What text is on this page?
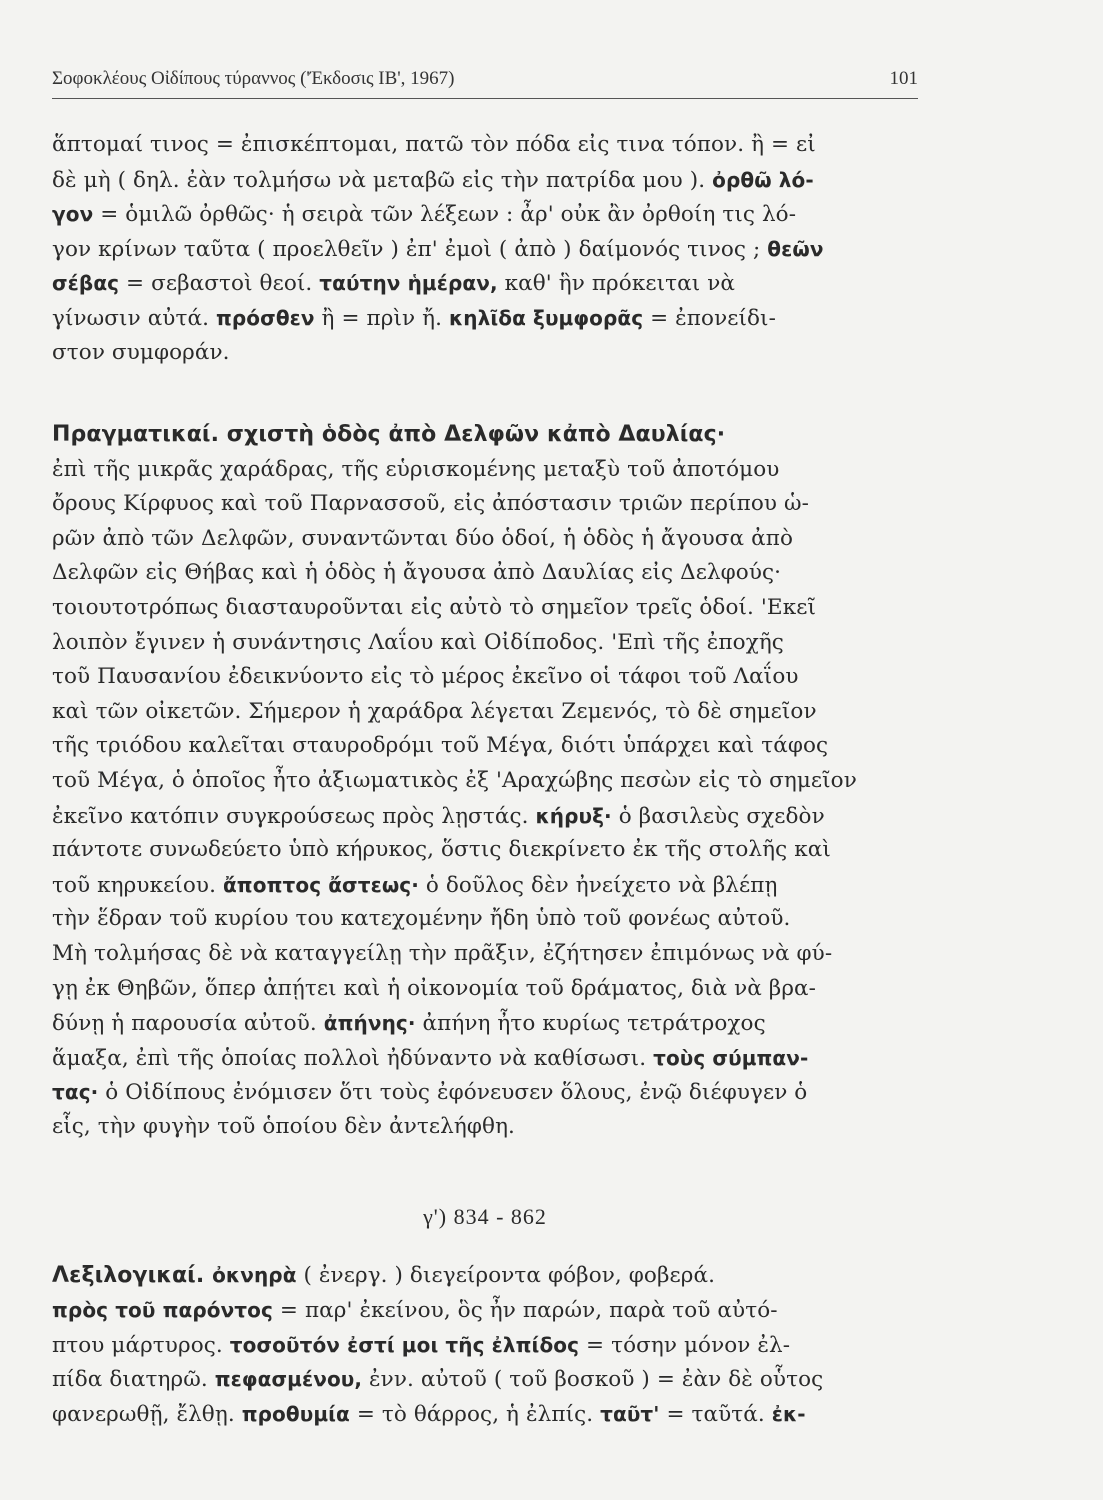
Σοφοκλέους Οἰδίπους τύραννος ('Έκδοσις ΙΒ', 1967)	101
ἅπτομαί τινος = ἐπισκέπτομαι, πατῶ τὸν πόδα εἰς τινα τόπον. ἢ = εἰ
δὲ μὴ ( δηλ. ἐὰν τολμήσω νὰ μεταβῶ εἰς τὴν πατρίδα μου ). ὀρθῶ λό-
γον = ὁμιλῶ ὀρθῶς· ἡ σειρὰ τῶν λέξεων : ἆρ' οὐκ ἂν ὀρθοίη τις λό-
γον κρίνων ταῦτα ( προελθεῖν ) ἐπ' ἐμοὶ ( ἀπὸ ) δαίμονός τινος ; θεῶν
σέβας = σεβαστοὶ θεοί. ταύτην ἡμέραν, καθ' ἣν πρόκειται νὰ
γίνωσιν αὐτά. πρόσθεν ἢ = πρὶν ἤ. κηλῖδα ξυμφορᾶς = ἐπονείδι-
στον συμφοράν.
Πραγματικαί. σχιστὴ ὁδὸς ἀπὸ Δελφῶν κἀπὸ Δαυλίας·
ἐπὶ τῆς μικρᾶς χαράδρας, τῆς εὑρισκομένης μεταξὺ τοῦ ἀποτόμου
ὄρους Κίρφυος καὶ τοῦ Παρνασσοῦ, εἰς ἀπόστασιν τριῶν περίπου ὡ-
ρῶν ἀπὸ τῶν Δελφῶν, συναντῶνται δύο ὁδοί, ἡ ὁδὸς ἡ ἄγουσα ἀπὸ
Δελφῶν εἰς Θήβας καὶ ἡ ὁδὸς ἡ ἄγουσα ἀπὸ Δαυλίας εἰς Δελφούς·
τοιουτοτρόπως διασταυροῦνται εἰς αὐτὸ τὸ σημεῖον τρεῖς ὁδοί. 'Εκεῖ
λοιπὸν ἔγινεν ἡ συνάντησις Λαΐου καὶ Οἰδίποδος. 'Επὶ τῆς ἐποχῆς
τοῦ Παυσανίου ἐδεικνύοντο εἰς τὸ μέρος ἐκεῖνο οἱ τάφοι τοῦ Λαΐου
καὶ τῶν οἰκετῶν. Σήμερον ἡ χαράδρα λέγεται Ζεμενός, τὸ δὲ σημεῖον
τῆς τριόδου καλεῖται σταυροδρόμι τοῦ Μέγα, διότι ὑπάρχει καὶ τάφος
τοῦ Μέγα, ὁ ὁποῖος ἦτο ἀξιωματικὸς ἐξ 'Αραχώβης πεσὼν εἰς τὸ σημεῖον
ἐκεῖνο κατόπιν συγκρούσεως πρὸς λῃστάς. κήρυξ· ὁ βασιλεὺς σχεδὸν
πάντοτε συνωδεύετο ὑπὸ κήρυκος, ὅστις διεκρίνετο ἐκ τῆς στολῆς καὶ
τοῦ κηρυκείου. ἄποπτος ἄστεως· ὁ δοῦλος δὲν ἠνείχετο νὰ βλέπῃ
τὴν ἕδραν τοῦ κυρίου του κατεχομένην ἤδη ὑπὸ τοῦ φονέως αὐτοῦ.
Μὴ τολμήσας δὲ νὰ καταγγείλῃ τὴν πρᾶξιν, ἐζήτησεν ἐπιμόνως νὰ φύ-
γῃ ἐκ Θηβῶν, ὅπερ ἀπῄτει καὶ ἡ οἰκονομία τοῦ δράματος, διὰ νὰ βρα-
δύνῃ ἡ παρουσία αὐτοῦ. ἀπήνης· ἀπήνη ἦτο κυρίως τετράτροχος
ἅμαξα, ἐπὶ τῆς ὁποίας πολλοὶ ἠδύναντο νὰ καθίσωσι. τοὺς σύμπαν-
τας· ὁ Οἰδίπους ἐνόμισεν ὅτι τοὺς ἐφόνευσεν ὅλους, ἐνῷ διέφυγεν ὁ
εἷς, τὴν φυγὴν τοῦ ὁποίου δὲν ἀντελήφθη.
γ') 834 - 862
Λεξιλογικαί. ὀκνηρὰ ( ἐνεργ. ) διεγείροντα φόβον, φοβερά.
πρὸς τοῦ παρόντος = παρ' ἐκείνου, ὃς ἦν παρών, παρὰ τοῦ αὐτό-
πτου μάρτυρος. τοσοῦτόν ἐστί μοι τῆς ἐλπίδος = τόσην μόνον ἐλ-
πίδα διατηρῶ. πεφασμένου, ἐνν. αὐτοῦ ( τοῦ βοσκοῦ ) = ἐὰν δὲ οὗτος
φανερωθῇ, ἔλθῃ. προθυμία = τὸ θάρρος, ἡ ἐλπίς. ταῦτ' = ταῦτά. ἐκ-
